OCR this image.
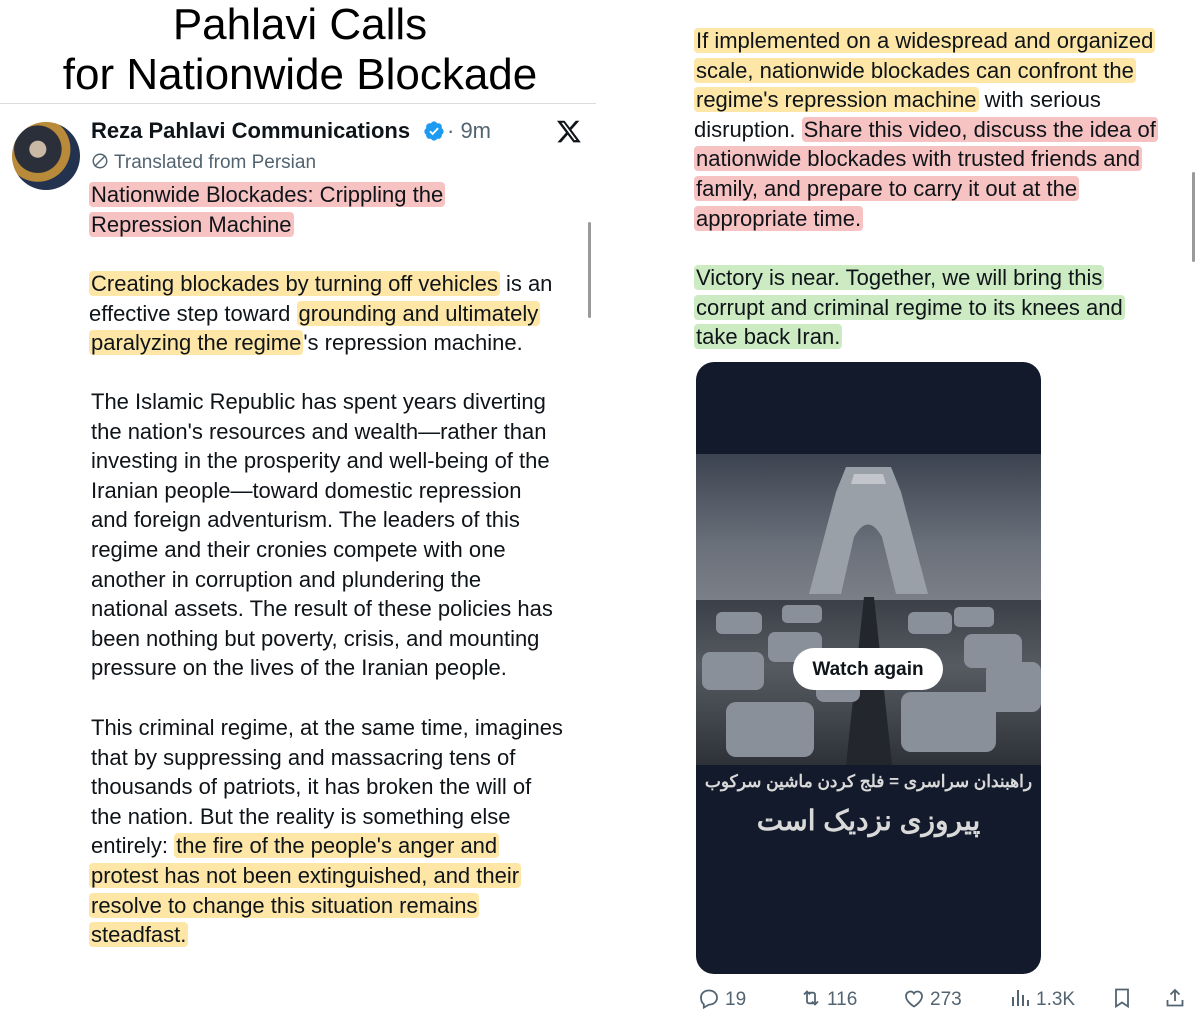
Pahlavi Calls
for Nationwide Blockade
Reza Pahlavi Communications · 9m
Translated from Persian
Nationwide Blockades: Crippling the
Repression Machine
Creating blockades by turning off vehicles is an
effective step toward grounding and ultimately
paralyzing the regime's repression machine.
The Islamic Republic has spent years diverting
the nation's resources and wealth—rather than
investing in the prosperity and well-being of the
Iranian people—toward domestic repression
and foreign adventurism. The leaders of this
regime and their cronies compete with one
another in corruption and plundering the
national assets. The result of these policies has
been nothing but poverty, crisis, and mounting
pressure on the lives of the Iranian people.
This criminal regime, at the same time, imagines
that by suppressing and massacring tens of
thousands of patriots, it has broken the will of
the nation. But the reality is something else
entirely: the fire of the people's anger and
protest has not been extinguished, and their
resolve to change this situation remains
steadfast.
If implemented on a widespread and organized
scale, nationwide blockades can confront the
regime's repression machine with serious
disruption. Share this video, discuss the idea of
nationwide blockades with trusted friends and
family, and prepare to carry it out at the
appropriate time.
Victory is near. Together, we will bring this
corrupt and criminal regime to its knees and
take back Iran.
Watch again
راهبندان سراسری = فلج کردن ماشین سرکوب
پیروزی نزدیک است
19	116	273	1.3K
